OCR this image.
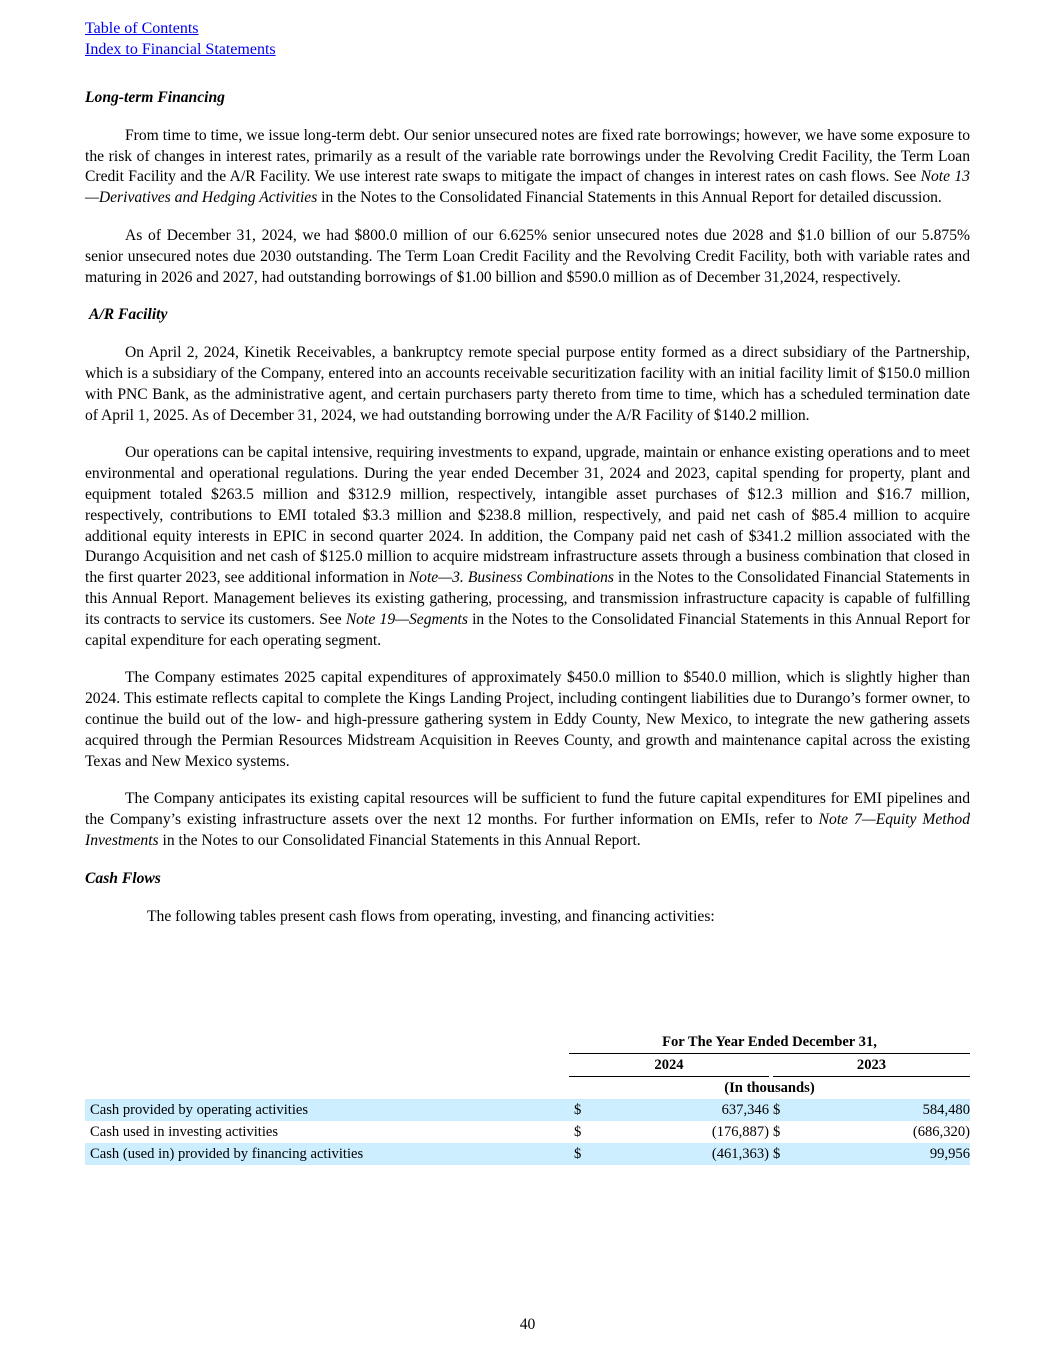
Table of Contents
Index to Financial Statements
Long-term Financing

From time to time, we issue long-term debt. Our senior unsecured notes are fixed rate borrowings; however, we have some exposure to the risk of changes in interest rates, primarily as a result of the variable rate borrowings under the Revolving Credit Facility, the Term Loan Credit Facility and the A/R Facility. We use interest rate swaps to mitigate the impact of changes in interest rates on cash flows. See Note 13—Derivatives and Hedging Activities in the Notes to the Consolidated Financial Statements in this Annual Report for detailed discussion.

As of December 31, 2024, we had $800.0 million of our 6.625% senior unsecured notes due 2028 and $1.0 billion of our 5.875% senior unsecured notes due 2030 outstanding. The Term Loan Credit Facility and the Revolving Credit Facility, both with variable rates and maturing in 2026 and 2027, had outstanding borrowings of $1.00 billion and $590.0 million as of December 31,2024, respectively.

A/R Facility

On April 2, 2024, Kinetik Receivables, a bankruptcy remote special purpose entity formed as a direct subsidiary of the Partnership, which is a subsidiary of the Company, entered into an accounts receivable securitization facility with an initial facility limit of $150.0 million with PNC Bank, as the administrative agent, and certain purchasers party thereto from time to time, which has a scheduled termination date of April 1, 2025. As of December 31, 2024, we had outstanding borrowing under the A/R Facility of $140.2 million.

Our operations can be capital intensive, requiring investments to expand, upgrade, maintain or enhance existing operations and to meet environmental and operational regulations. During the year ended December 31, 2024 and 2023, capital spending for property, plant and equipment totaled $263.5 million and $312.9 million, respectively, intangible asset purchases of $12.3 million and $16.7 million, respectively, contributions to EMI totaled $3.3 million and $238.8 million, respectively, and paid net cash of $85.4 million to acquire additional equity interests in EPIC in second quarter 2024. In addition, the Company paid net cash of $341.2 million associated with the Durango Acquisition and net cash of $125.0 million to acquire midstream infrastructure assets through a business combination that closed in the first quarter 2023, see additional information in Note—3. Business Combinations in the Notes to the Consolidated Financial Statements in this Annual Report. Management believes its existing gathering, processing, and transmission infrastructure capacity is capable of fulfilling its contracts to service its customers. See Note 19—Segments in the Notes to the Consolidated Financial Statements in this Annual Report for capital expenditure for each operating segment.

The Company estimates 2025 capital expenditures of approximately $450.0 million to $540.0 million, which is slightly higher than 2024. This estimate reflects capital to complete the Kings Landing Project, including contingent liabilities due to Durango’s former owner, to continue the build out of the low- and high-pressure gathering system in Eddy County, New Mexico, to integrate the new gathering assets acquired through the Permian Resources Midstream Acquisition in Reeves County, and growth and maintenance capital across the existing Texas and New Mexico systems.

The Company anticipates its existing capital resources will be sufficient to fund the future capital expenditures for EMI pipelines and the Company’s existing infrastructure assets over the next 12 months. For further information on EMIs, refer to Note 7—Equity Method Investments in the Notes to our Consolidated Financial Statements in this Annual Report.

Cash Flows

The following tables present cash flows from operating, investing, and financing activities:

	For The Year Ended December 31,				
	2024			2023	
	(In thousands)				
Cash provided by operating activities	$	637,346		$	584,480
Cash used in investing activities	$	(176,887)		$	(686,320)
Cash (used in) provided by financing activities	$	(461,363)		$	99,956
40
